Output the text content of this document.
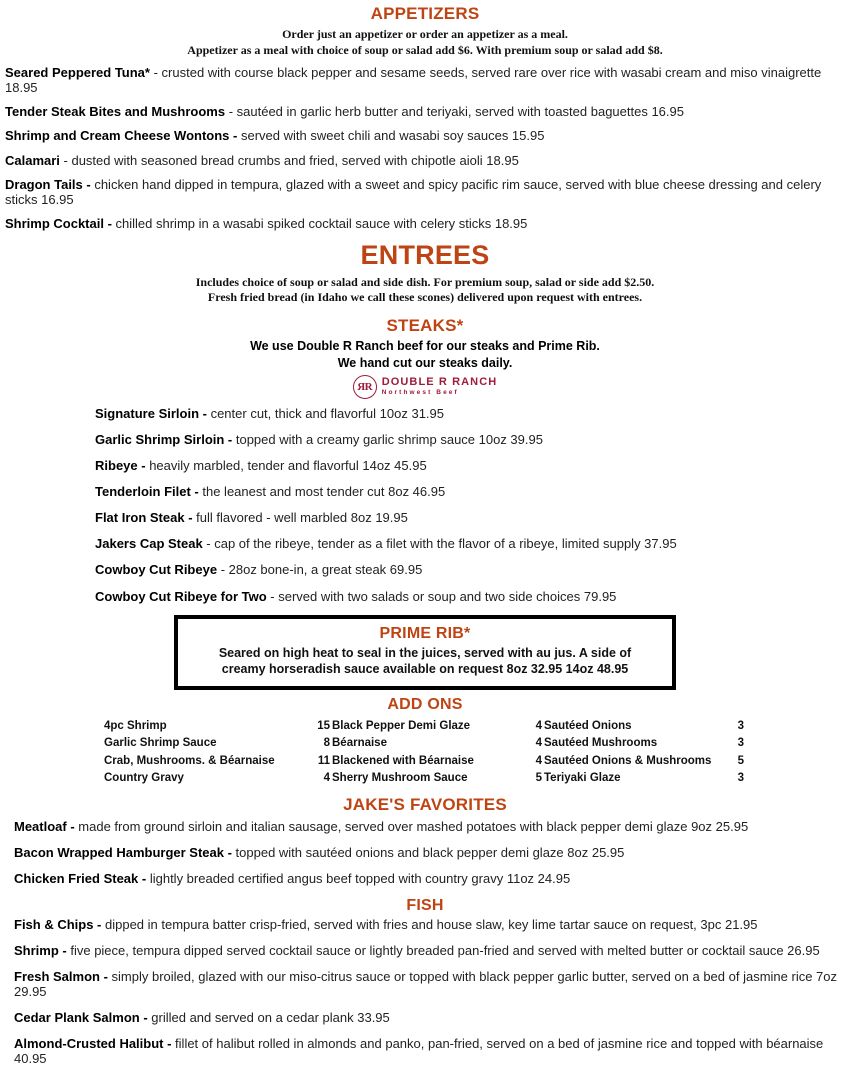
APPETIZERS
Order just an appetizer or order an appetizer as a meal.
Appetizer as a meal with choice of soup or salad add $6. With premium soup or salad add $8.

Seared Peppered Tuna* - crusted with course black pepper and sesame seeds, served rare over rice with wasabi cream and miso vinaigrette 18.95

Tender Steak Bites and Mushrooms - sautéed in garlic herb butter and teriyaki, served with toasted baguettes 16.95

Shrimp and Cream Cheese Wontons - served with sweet chili and wasabi soy sauces 15.95

Calamari - dusted with seasoned bread crumbs and fried, served with chipotle aioli 18.95

Dragon Tails - chicken hand dipped in tempura, glazed with a sweet and spicy pacific rim sauce, served with blue cheese dressing and celery sticks 16.95

Shrimp Cocktail - chilled shrimp in a wasabi spiked cocktail sauce with celery sticks 18.95

ENTREES
Includes choice of soup or salad and side dish. For premium soup, salad or side add $2.50.
Fresh fried bread (in Idaho we call these scones) delivered upon request with entrees.
STEAKS*
We use Double R Ranch beef for our steaks and Prime Rib.
We hand cut our steaks daily.
ЯR DOUBLE R RANCH
Northwest Beef

Signature Sirloin - center cut, thick and flavorful 10oz 31.95

Garlic Shrimp Sirloin - topped with a creamy garlic shrimp sauce 10oz 39.95

Ribeye - heavily marbled, tender and flavorful 14oz 45.95

Tenderloin Filet - the leanest and most tender cut 8oz 46.95

Flat Iron Steak - full flavored - well marbled 8oz 19.95

Jakers Cap Steak - cap of the ribeye, tender as a filet with the flavor of a ribeye, limited supply 37.95

Cowboy Cut Ribeye - 28oz bone-in, a great steak 69.95

Cowboy Cut Ribeye for Two - served with two salads or soup and two side choices 79.95

PRIME RIB*
Seared on high heat to seal in the juices, served with au jus. A side of
creamy horseradish sauce available on request 8oz 32.95 14oz 48.95
ADD ONS
4pc Shrimp	15 Black Pepper Demi Glaze	4 Sautéed Onions	3
Garlic Shrimp Sauce	8 Béarnaise	4 Sautéed Mushrooms	3
Crab, Mushrooms. & Béarnaise	11 Blackened with Béarnaise	4 Sautéed Onions & Mushrooms	5
Country Gravy	4 Sherry Mushroom Sauce	5 Teriyaki Glaze	3
JAKE'S FAVORITES

Meatloaf - made from ground sirloin and italian sausage, served over mashed potatoes with black pepper demi glaze 9oz 25.95

Bacon Wrapped Hamburger Steak - topped with sautéed onions and black pepper demi glaze 8oz 25.95

Chicken Fried Steak - lightly breaded certified angus beef topped with country gravy 11oz 24.95

FISH

Fish & Chips - dipped in tempura batter crisp-fried, served with fries and house slaw, key lime tartar sauce on request, 3pc 21.95

Shrimp - five piece, tempura dipped served cocktail sauce or lightly breaded pan-fried and served with melted butter or cocktail sauce 26.95

Fresh Salmon - simply broiled, glazed with our miso-citrus sauce or topped with black pepper garlic butter, served on a bed of jasmine rice 7oz 29.95

Cedar Plank Salmon - grilled and served on a cedar plank 33.95

Almond-Crusted Halibut - fillet of halibut rolled in almonds and panko, pan-fried, served on a bed of jasmine rice and topped with béarnaise 40.95
